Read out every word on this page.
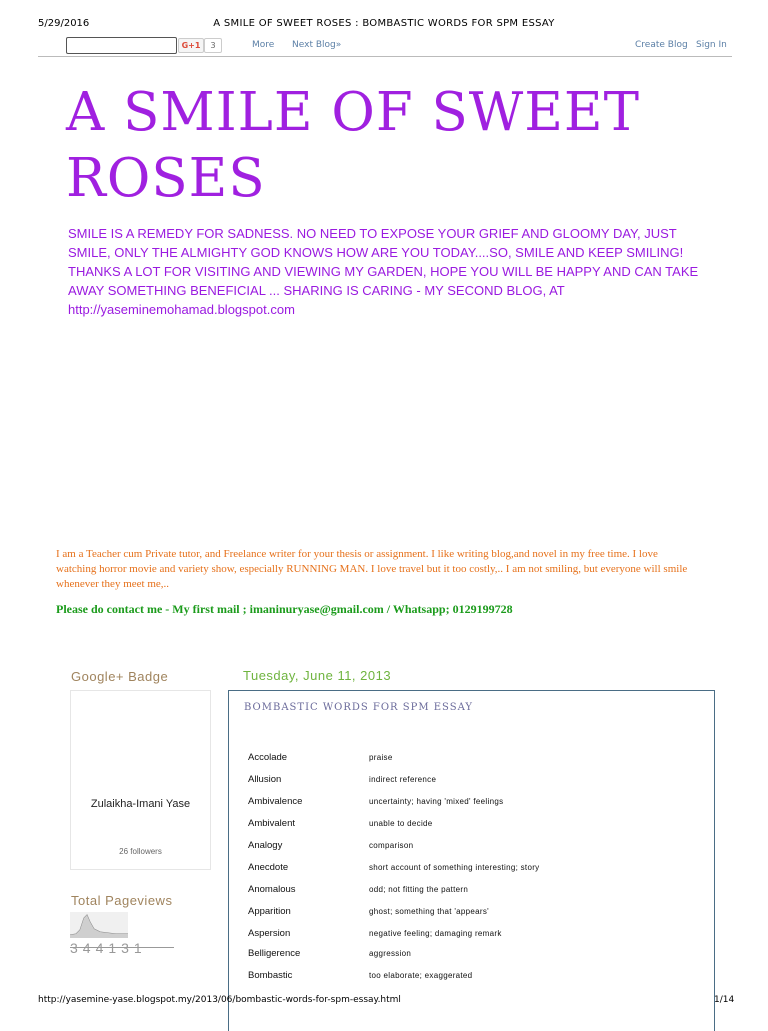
5/29/2016	A SMILE OF SWEET ROSES : BOMBASTIC WORDS FOR SPM ESSAY
G+1	3	More Next Blog»	Create Blog Sign In
A SMILE OF SWEET
ROSES
SMILE IS A REMEDY FOR SADNESS. NO NEED TO EXPOSE YOUR GRIEF AND GLOOMY DAY, JUST SMILE, ONLY THE ALMIGHTY GOD KNOWS HOW ARE YOU TODAY....SO, SMILE AND KEEP SMILING! THANKS A LOT FOR VISITING AND VIEWING MY GARDEN, HOPE YOU WILL BE HAPPY AND CAN TAKE AWAY SOMETHING BENEFICIAL ... SHARING IS CARING - MY SECOND BLOG, AT
http://yaseminemohamad.blogspot.com
I am a Teacher cum Private tutor, and Freelance writer for your thesis or assignment. I like writing blog,and novel in my free time. I love watching horror movie and variety show, especially RUNNING MAN. I love travel but it too costly,.. I am not smiling, but everyone will smile whenever they meet me,..
Please do contact me - My first mail ; imaninuryase@gmail.com / Whatsapp; 0129199728
Google+ Badge
Zulaikha-Imani Yase
26 followers
Total Pageviews
344131
Tuesday, June 11, 2013
BOMBASTIC WORDS FOR SPM ESSAY
Accolade	praise
Allusion	indirect reference
Ambivalence	uncertainty; having 'mixed' feelings
Ambivalent	unable to decide
Analogy	comparison
Anecdote	short account of something interesting; story
Anomalous	odd; not fitting the pattern
Apparition	ghost; something that 'appears'
Aspersion	negative feeling; damaging remark
Belligerence	aggression
Bombastic	too elaborate; exaggerated
http://yasemine-yase.blogspot.my/2013/06/bombastic-words-for-spm-essay.html	1/14
